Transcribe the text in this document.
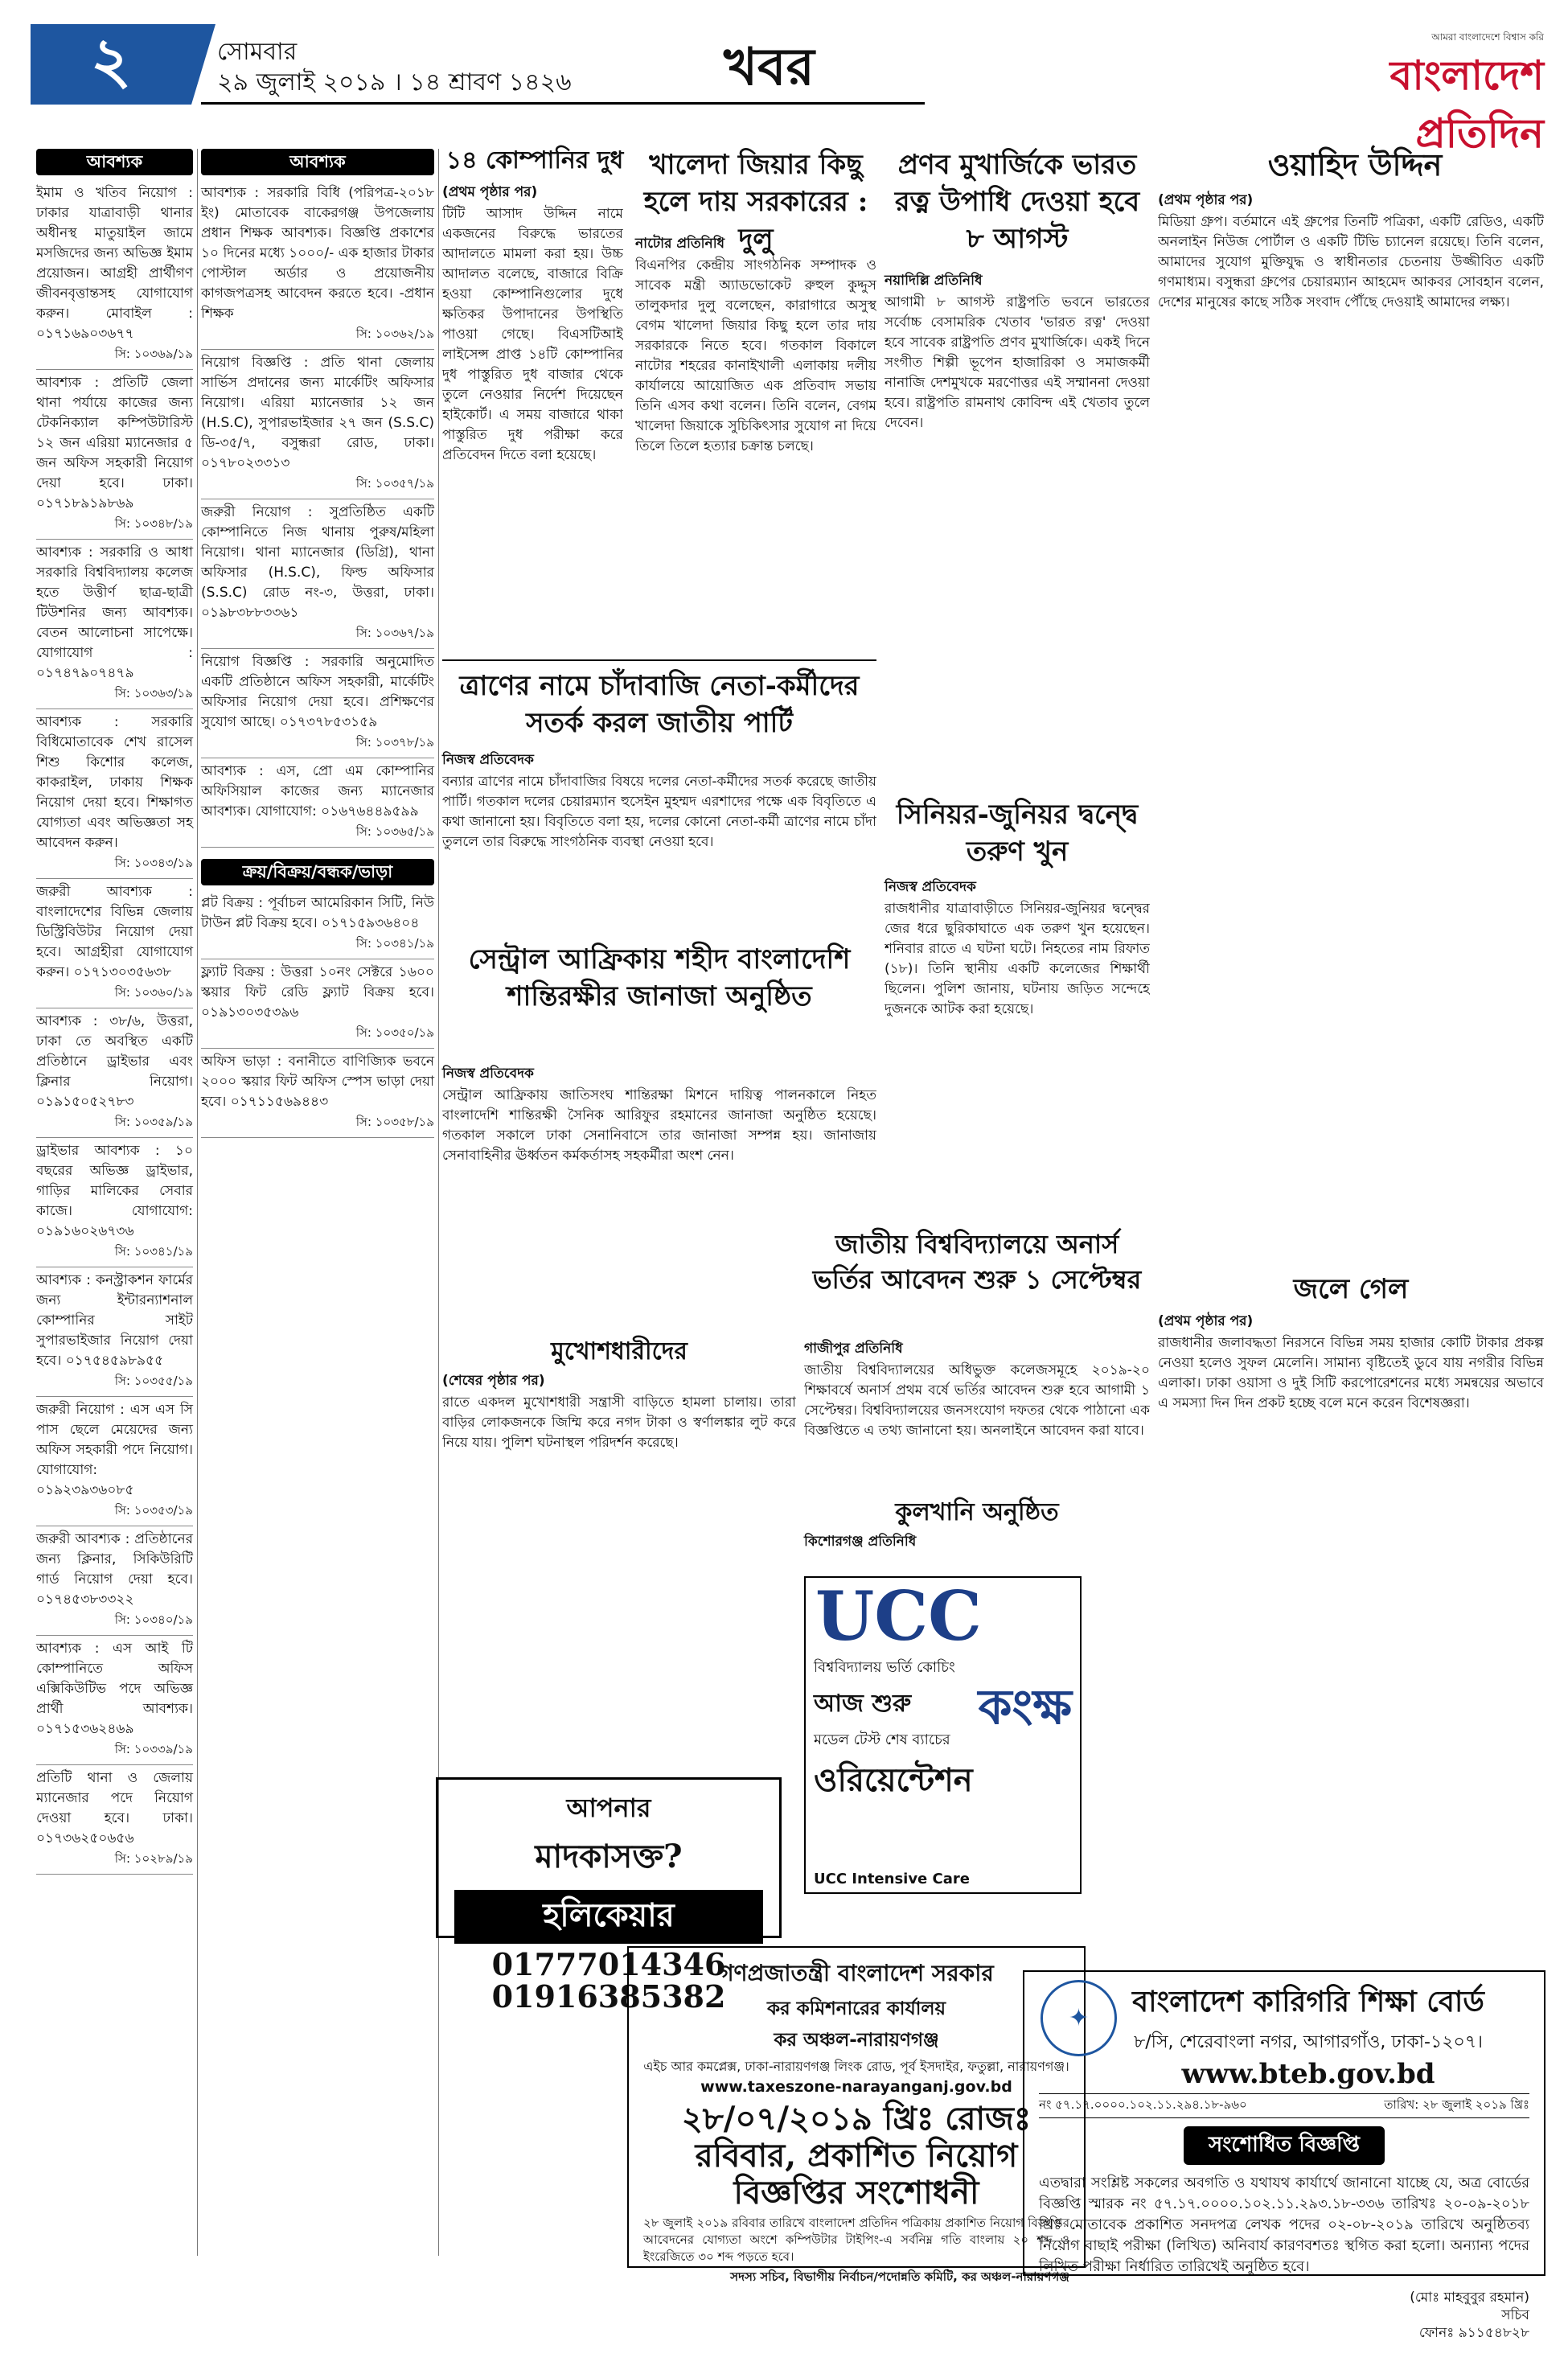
২	সোমবার
২৯ জুলাই ২০১৯ । ১৪ শ্রাবণ ১৪২৬	খবর	আমরা বাংলাদেশে বিশ্বাস করি
বাংলাদেশ প্রতিদিন
আবশ্যক
ইমাম ও খতিব নিয়োগ : ঢাকার যাত্রাবাড়ী থানার অধীনস্থ মাতুয়াইল জামে মসজিদের জন্য অভিজ্ঞ ইমাম প্রয়োজন। আগ্রহী প্রার্থীগণ জীবনবৃত্তান্তসহ যোগাযোগ করুন। মোবাইল : ০১৭১৬৯০৩৬৭৭
সি: ১০৩৬৯/১৯
আবশ্যক : প্রতিটি জেলা থানা পর্যায়ে কাজের জন্য টেকনিক্যাল কম্পিউটারিস্ট ১২ জন এরিয়া ম্যানেজার ৫ জন অফিস সহকারী নিয়োগ দেয়া হবে। ঢাকা। ০১৭১৮৯১৯৮৬৯
সি: ১০৩৪৮/১৯
আবশ্যক : সরকারি ও আধা সরকারি বিশ্ববিদ্যালয় কলেজ হতে উত্তীর্ণ ছাত্র-ছাত্রী টিউশনির জন্য আবশ্যক। বেতন আলোচনা সাপেক্ষে। যোগাযোগ : ০১৭৪৭৯০৭৪৭৯
সি: ১০৩৬৩/১৯
আবশ্যক : সরকারি বিধিমোতাবেক শেখ রাসেল শিশু কিশোর কলেজ, কাকরাইল, ঢাকায় শিক্ষক নিয়োগ দেয়া হবে। শিক্ষাগত যোগ্যতা এবং অভিজ্ঞতা সহ আবেদন করুন।
সি: ১০৩৪৩/১৯
জরুরী আবশ্যক : বাংলাদেশের বিভিন্ন জেলায় ডিস্ট্রিবিউটর নিয়োগ দেয়া হবে। আগ্রহীরা যোগাযোগ করুন। ০১৭১৩০৩৫৬৩৮
সি: ১০৩৬০/১৯
আবশ্যক : ৩৮/৬, উত্তরা, ঢাকা তে অবস্থিত একটি প্রতিষ্ঠানে ড্রাইভার এবং ক্লিনার নিয়োগ। ০১৯১৫০৫২৭৮৩
সি: ১০৩৫৯/১৯
ড্রাইভার আবশ্যক : ১০ বছরের অভিজ্ঞ ড্রাইভার, গাড়ির মালিকের সেবার কাজে। যোগাযোগ: ০১৯১৬০২৬৭৩৬
সি: ১০৩৪১/১৯
আবশ্যক : কনস্ট্রাকশন ফার্মের জন্য ইন্টারন্যাশনাল কোম্পানির সাইট সুপারভাইজার নিয়োগ দেয়া হবে। ০১৭৫৪৫৯৮৯৫৫
সি: ১০৩৫৫/১৯
জরুরী নিয়োগ : এস এস সি পাস ছেলে মেয়েদের জন্য অফিস সহকারী পদে নিয়োগ। যোগাযোগ: ০১৯২৩৯৩৬০৮৫
সি: ১০৩৫৩/১৯
জরুরী আবশ্যক : প্রতিষ্ঠানের জন্য ক্লিনার, সিকিউরিটি গার্ড নিয়োগ দেয়া হবে। ০১৭৪৫৩৮৩৩২২
সি: ১০৩৪০/১৯
আবশ্যক : এস আই টি কোম্পানিতে অফিস এক্সিকিউটিভ পদে অভিজ্ঞ প্রার্থী আবশ্যক। ০১৭১৫৩৬২৪৬৯
সি: ১০৩৩৯/১৯
প্রতিটি থানা ও জেলায় ম্যানেজার পদে নিয়োগ দেওয়া হবে। ঢাকা। ০১৭৩৬২৫০৬৫৬
সি: ১০২৮৯/১৯
আবশ্যক
আবশ্যক : সরকারি বিধি (পরিপত্র-২০১৮ ইং) মোতাবেক বাকেরগঞ্জ উপজেলায় প্রধান শিক্ষক আবশ্যক। বিজ্ঞপ্তি প্রকাশের ১০ দিনের মধ্যে ১০০০/- এক হাজার টাকার পোস্টাল অর্ডার ও প্রয়োজনীয় কাগজপত্রসহ আবেদন করতে হবে। -প্রধান শিক্ষক
সি: ১০৩৬২/১৯
নিয়োগ বিজ্ঞপ্তি : প্রতি থানা জেলায় সার্ভিস প্রদানের জন্য মার্কেটিং অফিসার নিয়োগ। এরিয়া ম্যানেজার ১২ জন (H.S.C), সুপারভাইজার ২৭ জন (S.S.C) ডি-৩৫/৭, বসুন্ধরা রোড, ঢাকা। ০১৭৮০২৩৩১৩
সি: ১০৩৫৭/১৯
জরুরী নিয়োগ : সুপ্রতিষ্ঠিত একটি কোম্পানিতে নিজ থানায় পুরুষ/মহিলা নিয়োগ। থানা ম্যানেজার (ডিগ্রি), থানা অফিসার (H.S.C), ফিল্ড অফিসার (S.S.C) রোড নং-৩, উত্তরা, ঢাকা। ০১৯৮৩৮৮৩৩৬১
সি: ১০৩৬৭/১৯
নিয়োগ বিজ্ঞপ্তি : সরকারি অনুমোদিত একটি প্রতিষ্ঠানে অফিস সহকারী, মার্কেটিং অফিসার নিয়োগ দেয়া হবে। প্রশিক্ষণের সুযোগ আছে। ০১৭৩৭৮৫৩১৫৯
সি: ১০৩৭৮/১৯
আবশ্যক : এস, প্রো এম কোম্পানির অফিসিয়াল কাজের জন্য ম্যানেজার আবশ্যক। যোগাযোগ: ০১৬৭৬৪৪৯৫৯৯
সি: ১০৩৬৫/১৯
ক্রয়/বিক্রয়/বন্ধক/ভাড়া
প্লট বিক্রয় : পূর্বাচল আমেরিকান সিটি, নিউ টাউন প্লট বিক্রয় হবে। ০১৭১৫৯৩৬৪০৪
সি: ১০৩৪১/১৯
ফ্ল্যাট বিক্রয় : উত্তরা ১০নং সেক্টরে ১৬০০ স্কয়ার ফিট রেডি ফ্ল্যাট বিক্রয় হবে। ০১৯১৩০৩৫৩৯৬
সি: ১০৩৫০/১৯
অফিস ভাড়া : বনানীতে বাণিজ্যিক ভবনে ২০০০ স্কয়ার ফিট অফিস স্পেস ভাড়া দেয়া হবে। ০১৭১১৫৬৯৪৪৩
সি: ১০৩৫৮/১৯
১৪ কোম্পানির দুধ
(প্রথম পৃষ্ঠার পর)
টিটি আসাদ উদ্দিন নামে একজনের বিরুদ্ধে ভারতের আদালতে মামলা করা হয়। উচ্চ আদালত বলেছে, বাজারে বিক্রি হওয়া কোম্পানিগুলোর দুধে ক্ষতিকর উপাদানের উপস্থিতি পাওয়া গেছে। বিএসটিআই লাইসেন্স প্রাপ্ত ১৪টি কোম্পানির দুধ পাস্তুরিত দুধ বাজার থেকে তুলে নেওয়ার নির্দেশ দিয়েছেন হাইকোর্ট। এ সময় বাজারে থাকা পাস্তুরিত দুধ পরীক্ষা করে প্রতিবেদন দিতে বলা হয়েছে।
খালেদা জিয়ার কিছু হলে দায় সরকারের : দুলু
নাটোর প্রতিনিধি
বিএনপির কেন্দ্রীয় সাংগঠনিক সম্পাদক ও সাবেক মন্ত্রী অ্যাডভোকেট রুহুল কুদ্দুস তালুকদার দুলু বলেছেন, কারাগারে অসুস্থ বেগম খালেদা জিয়ার কিছু হলে তার দায় সরকারকে নিতে হবে। গতকাল বিকালে নাটোর শহরের কানাইখালী এলাকায় দলীয় কার্যালয়ে আয়োজিত এক প্রতিবাদ সভায় তিনি এসব কথা বলেন। তিনি বলেন, বেগম খালেদা জিয়াকে সুচিকিৎসার সুযোগ না দিয়ে তিলে তিলে হত্যার চক্রান্ত চলছে।
প্রণব মুখার্জিকে ভারত রত্ন উপাধি দেওয়া হবে ৮ আগস্ট
নয়াদিল্লি প্রতিনিধি
আগামী ৮ আগস্ট রাষ্ট্রপতি ভবনে ভারতের সর্বোচ্চ বেসামরিক খেতাব 'ভারত রত্ন' দেওয়া হবে সাবেক রাষ্ট্রপতি প্রণব মুখার্জিকে। একই দিনে সংগীত শিল্পী ভূপেন হাজারিকা ও সমাজকর্মী নানাজি দেশমুখকে মরণোত্তর এই সম্মাননা দেওয়া হবে। রাষ্ট্রপতি রামনাথ কোবিন্দ এই খেতাব তুলে দেবেন।
ওয়াহিদ উদ্দিন
(প্রথম পৃষ্ঠার পর)
মিডিয়া গ্রুপ। বর্তমানে এই গ্রুপের তিনটি পত্রিকা, একটি রেডিও, একটি অনলাইন নিউজ পোর্টাল ও একটি টিভি চ্যানেল রয়েছে। তিনি বলেন, আমাদের সুযোগ মুক্তিযুদ্ধ ও স্বাধীনতার চেতনায় উজ্জীবিত একটি গণমাধ্যম। বসুন্ধরা গ্রুপের চেয়ারম্যান আহমেদ আকবর সোবহান বলেন, দেশের মানুষের কাছে সঠিক সংবাদ পৌঁছে দেওয়াই আমাদের লক্ষ্য।
ত্রাণের নামে চাঁদাবাজি নেতা-কর্মীদের সতর্ক করল জাতীয় পার্টি
নিজস্ব প্রতিবেদক
বন্যার ত্রাণের নামে চাঁদাবাজির বিষয়ে দলের নেতা-কর্মীদের সতর্ক করেছে জাতীয় পার্টি। গতকাল দলের চেয়ারম্যান হুসেইন মুহম্মদ এরশাদের পক্ষে এক বিবৃতিতে এ কথা জানানো হয়। বিবৃতিতে বলা হয়, দলের কোনো নেতা-কর্মী ত্রাণের নামে চাঁদা তুললে তার বিরুদ্ধে সাংগঠনিক ব্যবস্থা নেওয়া হবে।
সিনিয়র-জুনিয়র দ্বন্দ্বে তরুণ খুন
নিজস্ব প্রতিবেদক
রাজধানীর যাত্রাবাড়ীতে সিনিয়র-জুনিয়র দ্বন্দ্বের জের ধরে ছুরিকাঘাতে এক তরুণ খুন হয়েছেন। শনিবার রাতে এ ঘটনা ঘটে। নিহতের নাম রিফাত (১৮)। তিনি স্থানীয় একটি কলেজের শিক্ষার্থী ছিলেন। পুলিশ জানায়, ঘটনায় জড়িত সন্দেহে দুজনকে আটক করা হয়েছে।
সেন্ট্রাল আফ্রিকায় শহীদ বাংলাদেশি শান্তিরক্ষীর জানাজা অনুষ্ঠিত
নিজস্ব প্রতিবেদক
সেন্ট্রাল আফ্রিকায় জাতিসংঘ শান্তিরক্ষা মিশনে দায়িত্ব পালনকালে নিহত বাংলাদেশি শান্তিরক্ষী সৈনিক আরিফুর রহমানের জানাজা অনুষ্ঠিত হয়েছে। গতকাল সকালে ঢাকা সেনানিবাসে তার জানাজা সম্পন্ন হয়। জানাজায় সেনাবাহিনীর ঊর্ধ্বতন কর্মকর্তাসহ সহকর্মীরা অংশ নেন।
জাতীয় বিশ্ববিদ্যালয়ে অনার্স ভর্তির আবেদন শুরু ১ সেপ্টেম্বর
গাজীপুর প্রতিনিধি
জাতীয় বিশ্ববিদ্যালয়ের অধিভুক্ত কলেজসমূহে ২০১৯-২০ শিক্ষাবর্ষে অনার্স প্রথম বর্ষে ভর্তির আবেদন শুরু হবে আগামী ১ সেপ্টেম্বর। বিশ্ববিদ্যালয়ের জনসংযোগ দফতর থেকে পাঠানো এক বিজ্ঞপ্তিতে এ তথ্য জানানো হয়। অনলাইনে আবেদন করা যাবে।
মুখোশধারীদের
(শেষের পৃষ্ঠার পর)
রাতে একদল মুখোশধারী সন্ত্রাসী বাড়িতে হামলা চালায়। তারা বাড়ির লোকজনকে জিম্মি করে নগদ টাকা ও স্বর্ণালঙ্কার লুট করে নিয়ে যায়। পুলিশ ঘটনাস্থল পরিদর্শন করেছে।
কুলখানি অনুষ্ঠিত
কিশোরগঞ্জ প্রতিনিধি
জলে গেল
(প্রথম পৃষ্ঠার পর)
রাজধানীর জলাবদ্ধতা নিরসনে বিভিন্ন সময় হাজার কোটি টাকার প্রকল্প নেওয়া হলেও সুফল মেলেনি। সামান্য বৃষ্টিতেই ডুবে যায় নগরীর বিভিন্ন এলাকা। ঢাকা ওয়াসা ও দুই সিটি করপোরেশনের মধ্যে সমন্বয়ের অভাবে এ সমস্যা দিন দিন প্রকট হচ্ছে বলে মনে করেন বিশেষজ্ঞরা।
UCC
বিশ্ববিদ্যালয় ভর্তি কোচিং
আজ শুরু
মডেল টেস্ট শেষ ব্যাচের
ওরিয়েন্টেশন
কংক্ষ
UCC Intensive Care
আপনার
মাদকাসক্ত?
হলিকেয়ার
01777014346
01916385382
গণপ্রজাতন্ত্রী বাংলাদেশ সরকার
কর কমিশনারের কার্যালয়
কর অঞ্চল-নারায়ণগঞ্জ
এইচ আর কমপ্লেক্স, ঢাকা-নারায়ণগঞ্জ লিংক রোড, পূর্ব ইসদাইর, ফতুল্লা, নারায়ণগঞ্জ।
www.taxeszone-narayanganj.gov.bd
২৮/০৭/২০১৯ খ্রিঃ রোজঃ রবিবার, প্রকাশিত নিয়োগ বিজ্ঞপ্তির সংশোধনী
২৮ জুলাই ২০১৯ রবিবার তারিখে বাংলাদেশ প্রতিদিন পত্রিকায় প্রকাশিত নিয়োগ বিজ্ঞপ্তির আবেদনের যোগ্যতা অংশে কম্পিউটার টাইপিং-এ সর্বনিম্ন গতি বাংলায় ২০ শব্দ ও ইংরেজিতে ৩০ শব্দ পড়তে হবে।
সদস্য সচিব, বিভাগীয় নির্বাচন/পদোন্নতি কমিটি, কর অঞ্চল-নারায়ণগঞ্জ
✦	বাংলাদেশ কারিগরি শিক্ষা বোর্ড
৮/সি, শেরেবাংলা নগর, আগারগাঁও, ঢাকা-১২০৭।
www.bteb.gov.bd
নং ৫৭.১৭.০০০০.১০২.১১.২৯৪.১৮-৯৬০	তারিখ: ২৮ জুলাই ২০১৯ খ্রিঃ
সংশোধিত বিজ্ঞপ্তি
এতদ্বারা সংশ্লিষ্ট সকলের অবগতি ও যথাযথ কার্যার্থে জানানো যাচ্ছে যে, অত্র বোর্ডের বিজ্ঞপ্তি স্মারক নং ৫৭.১৭.০০০০.১০২.১১.২৯৩.১৮-৩৩৬ তারিখঃ ২০-০৯-২০১৮ খ্রিঃ মোতাবেক প্রকাশিত সনদপত্র লেখক পদের ০২-০৮-২০১৯ তারিখে অনুষ্ঠিতব্য নিয়োগ বাছাই পরীক্ষা (লিখিত) অনিবার্য কারণবশতঃ স্থগিত করা হলো। অন্যান্য পদের লিখিত পরীক্ষা নির্ধারিত তারিখেই অনুষ্ঠিত হবে।
(মোঃ মাহবুবুর রহমান)
সচিব
ফোনঃ ৯১১৫৪৮২৮
